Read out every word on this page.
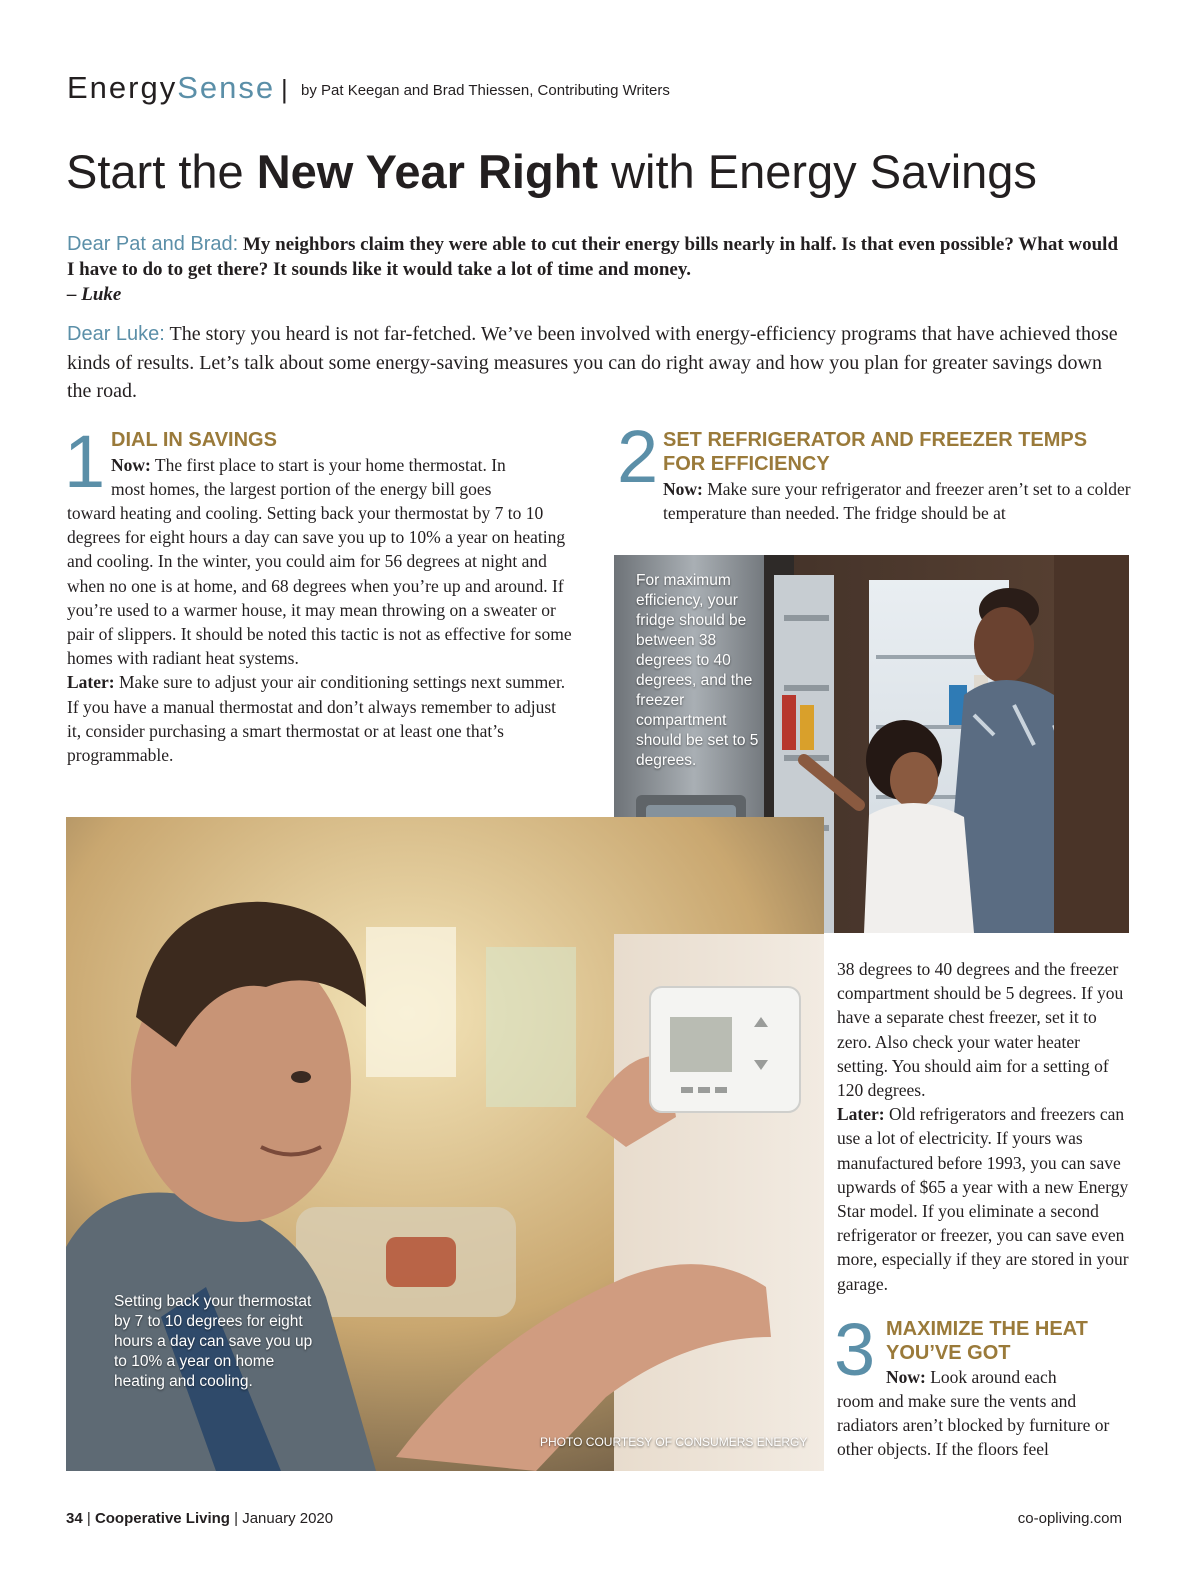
EnergySense | by Pat Keegan and Brad Thiessen, Contributing Writers
Start the New Year Right with Energy Savings
Dear Pat and Brad: My neighbors claim they were able to cut their energy bills nearly in half. Is that even possible? What would I have to do to get there? It sounds like it would take a lot of time and money.
– Luke
Dear Luke: The story you heard is not far-fetched. We’ve been involved with energy-efficiency programs that have achieved those kinds of results. Let’s talk about some energy-saving measures you can do right away and how you plan for greater savings down the road.
1 DIAL IN SAVINGS
Now: The first place to start is your home thermostat. In
most homes, the largest portion of the energy bill goes
toward heating and cooling. Setting back your thermostat by 7 to 10 degrees for eight hours a day can save you up to 10% a year on heating and cooling. In the winter, you could aim for 56 degrees at night and when no one is at home, and 68 degrees when you’re up and around. If you’re used to a warmer house, it may mean throwing on a sweater or pair of slippers. It should be noted this tactic is not as effective for some homes with radiant heat systems.
Later: Make sure to adjust your air conditioning settings next summer. If you have a manual thermostat and don’t always remember to adjust it, consider purchasing a smart thermostat or at least one that’s programmable.
2 SET REFRIGERATOR AND FREEZER TEMPS
FOR EFFICIENCY
Now: Make sure your refrigerator and freezer aren’t set to a colder temperature than needed. The fridge should be at
For maximum efficiency, your fridge should be between 38 degrees to 40 degrees, and the freezer compartment should be set to 5 degrees.

Setting back your thermostat by 7 to 10 degrees for eight hours a day can save you up to 10% a year on home heating and cooling.
PHOTO COURTESY OF CONSUMERS ENERGY
38 degrees to 40 degrees and the freezer compartment should be 5 degrees. If you have a separate chest freezer, set it to zero. Also check your water heater setting. You should aim for a setting of 120 degrees.
Later: Old refrigerators and freezers can use a lot of electricity. If yours was manufactured before 1993, you can save upwards of $65 a year with a new Energy Star model. If you eliminate a second refrigerator or freezer, you can save even more, especially if they are stored in your garage.
3 MAXIMIZE THE HEAT
YOU’VE GOT
Now: Look around each
room and make sure the vents and radiators aren’t blocked by furniture or other objects. If the floors feel
34 | Cooperative Living | January 2020	co-opliving.com
